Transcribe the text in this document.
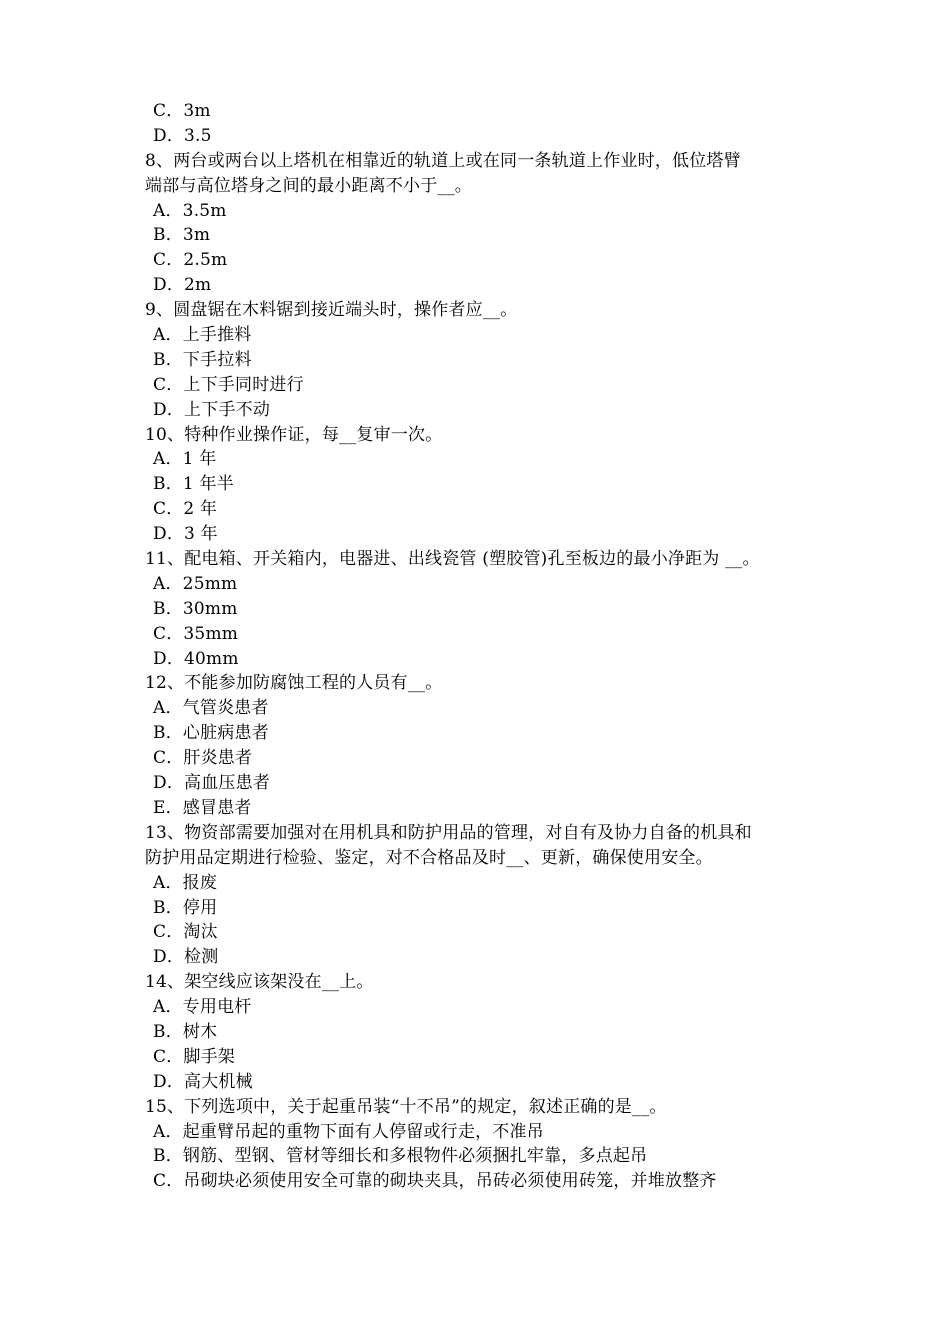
C．3m
D．3.5
8、两台或两台以上塔机在相靠近的轨道上或在同一条轨道上作业时，低位塔臂
端部与高位塔身之间的最小距离不小于__。
A．3.5m
B．3m
C．2.5m
D．2m
9、圆盘锯在木料锯到接近端头时，操作者应__。
A．上手推料
B．下手拉料
C．上下手同时进行
D．上下手不动
10、特种作业操作证，每__复审一次。
A．1 年
B．1 年半
C．2 年
D．3 年
11、配电箱、开关箱内，电器进、出线瓷管 (塑胶管)孔至板边的最小净距为 __。
A．25mm
B．30mm
C．35mm
D．40mm
12、不能参加防腐蚀工程的人员有__。
A．气管炎患者
B．心脏病患者
C．肝炎患者
D．高血压患者
E．感冒患者
13、物资部需要加强对在用机具和防护用品的管理，对自有及协力自备的机具和
防护用品定期进行检验、鉴定，对不合格品及时__、更新，确保使用安全。
A．报废
B．停用
C．淘汰
D．检测
14、架空线应该架没在__上。
A．专用电杆
B．树木
C．脚手架
D．高大机械
15、下列选项中，关于起重吊装“十不吊”的规定，叙述正确的是__。
A．起重臂吊起的重物下面有人停留或行走，不准吊
B．钢筋、型钢、管材等细长和多根物件必须捆扎牢靠，多点起吊
C．吊砌块必须使用安全可靠的砌块夹具，吊砖必须使用砖笼，并堆放整齐
